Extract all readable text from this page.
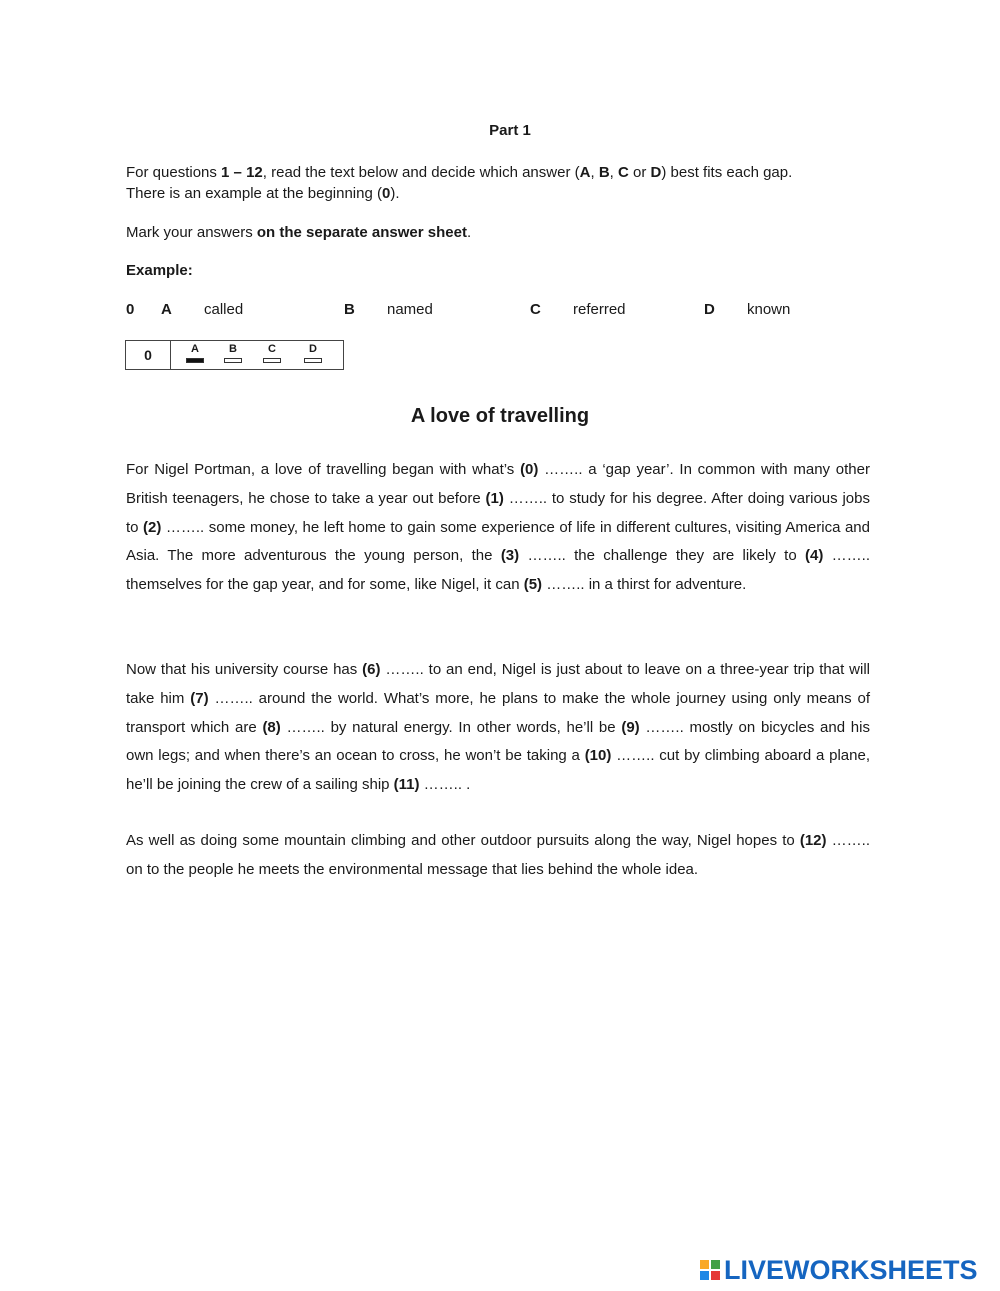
Part 1
For questions 1 – 12, read the text below and decide which answer (A, B, C or D) best fits each gap.
There is an example at the beginning (0).
Mark your answers on the separate answer sheet.
Example:
0 A called	B named	C referred	D known
0	A	B	C	D
A love of travelling
For Nigel Portman, a love of travelling began with what’s (0) …….. a ‘gap year’. In common with many other British teenagers, he chose to take a year out before (1) …….. to study for his degree. After doing various jobs to (2) …….. some money, he left home to gain some experience of life in different cultures, visiting America and Asia. The more adventurous the young person, the (3) …….. the challenge they are likely to (4) …….. themselves for the gap year, and for some, like Nigel, it can (5) …….. in a thirst for adventure.
Now that his university course has (6) …….. to an end, Nigel is just about to leave on a three-year trip that will take him (7) …….. around the world. What’s more, he plans to make the whole journey using only means of transport which are (8) …….. by natural energy. In other words, he’ll be (9) …….. mostly on bicycles and his own legs; and when there’s an ocean to cross, he won’t be taking a (10) …….. cut by climbing aboard a plane, he’ll be joining the crew of a sailing ship (11) …….. .
As well as doing some mountain climbing and other outdoor pursuits along the way, Nigel hopes to (12) …….. on to the people he meets the environmental message that lies behind the whole idea.
LIVEWORKSHEETS
